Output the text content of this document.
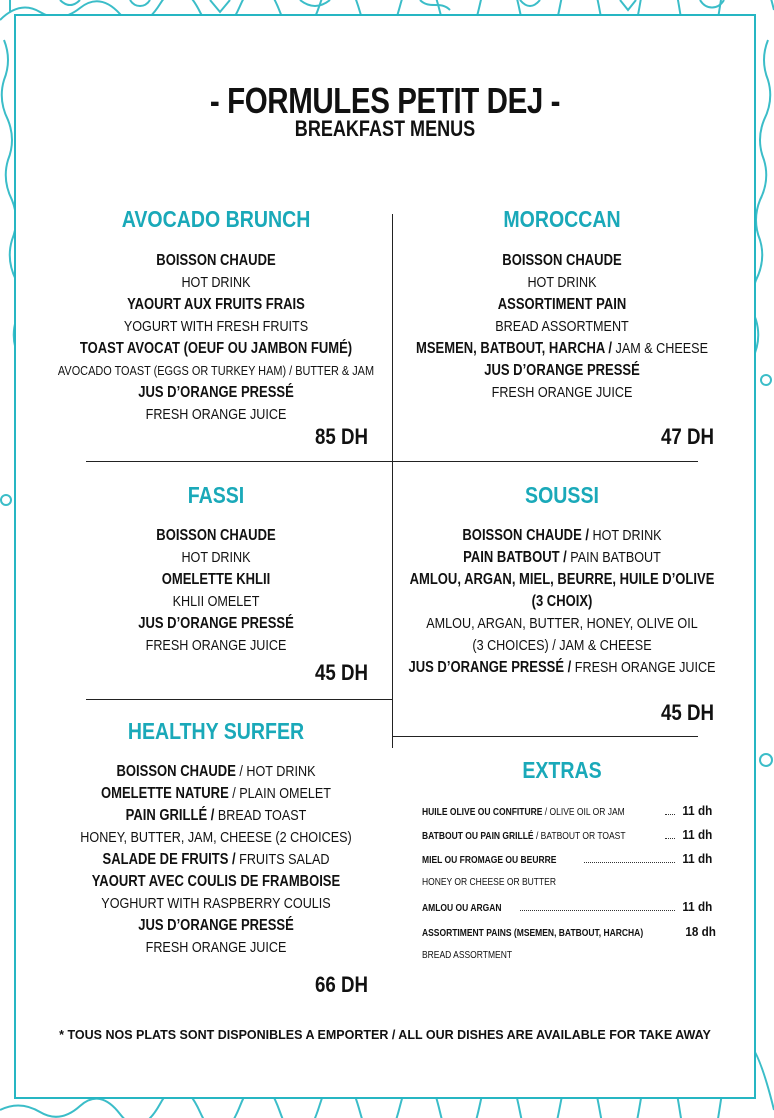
- FORMULES PETIT DEJ -
BREAKFAST MENUS
AVOCADO BRUNCH
BOISSON CHAUDE
HOT DRINK
YAOURT AUX FRUITS FRAIS
YOGURT WITH FRESH FRUITS
TOAST AVOCAT (OEUF OU JAMBON FUMÉ)
AVOCADO TOAST (EGGS OR TURKEY HAM) / BUTTER & JAM
JUS D’ORANGE PRESSÉ
FRESH ORANGE JUICE
85 DH
MOROCCAN
BOISSON CHAUDE
HOT DRINK
ASSORTIMENT PAIN
BREAD ASSORTMENT
MSEMEN, BATBOUT, HARCHA / JAM & CHEESE
JUS D’ORANGE PRESSÉ
FRESH ORANGE JUICE
47 DH
FASSI
BOISSON CHAUDE
HOT DRINK
OMELETTE KHLII
KHLII OMELET
JUS D’ORANGE PRESSÉ
FRESH ORANGE JUICE
45 DH
SOUSSI
BOISSON CHAUDE / HOT DRINK
PAIN BATBOUT / PAIN BATBOUT
AMLOU, ARGAN, MIEL, BEURRE, HUILE D’OLIVE
(3 CHOIX)
AMLOU, ARGAN, BUTTER, HONEY, OLIVE OIL
(3 CHOICES) / JAM & CHEESE
JUS D’ORANGE PRESSÉ / FRESH ORANGE JUICE
45 DH
HEALTHY SURFER
BOISSON CHAUDE / HOT DRINK
OMELETTE NATURE / PLAIN OMELET
PAIN GRILLÉ / BREAD TOAST
HONEY, BUTTER, JAM, CHEESE (2 CHOICES)
SALADE DE FRUITS / FRUITS SALAD
YAOURT AVEC COULIS DE FRAMBOISE
YOGHURT WITH RASPBERRY COULIS
JUS D’ORANGE PRESSÉ
FRESH ORANGE JUICE
66 DH
EXTRAS
HUILE OLIVE OU CONFITURE / OLIVE OIL OR JAM	11 dh
BATBOUT OU PAIN GRILLÉ / BATBOUT OR TOAST	11 dh
MIEL OU FROMAGE OU BEURRE	11 dh
HONEY OR CHEESE OR BUTTER
AMLOU OU ARGAN	11 dh
ASSORTIMENT PAINS (MSEMEN, BATBOUT, HARCHA)	18 dh
BREAD ASSORTMENT
* TOUS NOS PLATS SONT DISPONIBLES A EMPORTER / ALL OUR DISHES ARE AVAILABLE FOR TAKE AWAY
